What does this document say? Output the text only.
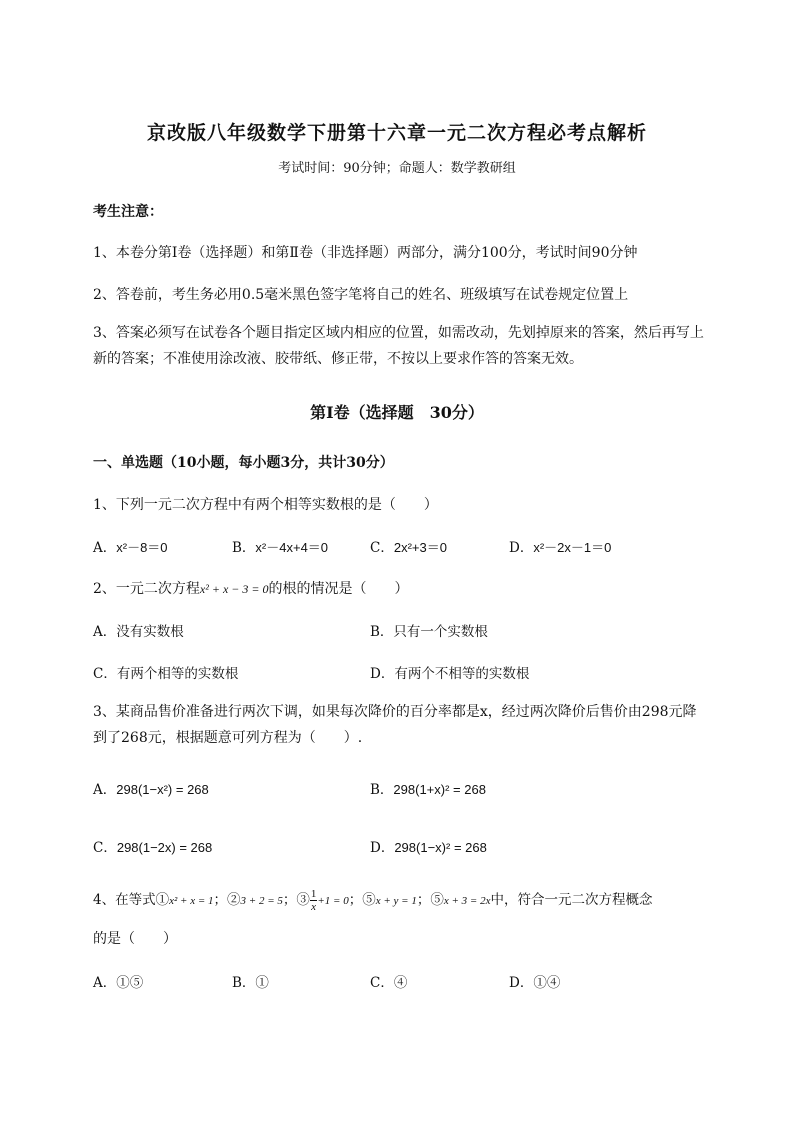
京改版八年级数学下册第十六章一元二次方程必考点解析
考试时间：90分钟；命题人：数学教研组
考生注意：
1、本卷分第I卷（选择题）和第Ⅱ卷（非选择题）两部分，满分100分，考试时间90分钟
2、答卷前，考生务必用0.5毫米黑色签字笔将自己的姓名、班级填写在试卷规定位置上
3、答案必须写在试卷各个题目指定区域内相应的位置，如需改动，先划掉原来的答案，然后再写上新的答案；不准使用涂改液、胶带纸、修正带，不按以上要求作答的答案无效。
第I卷（选择题　30分）
一、单选题（10小题，每小题3分，共计30分）
1、下列一元二次方程中有两个相等实数根的是（　　）
A．x²－8＝0	B．x²－4x+4＝0	C．2x²+3＝0	D．x²－2x－1＝0
2、一元二次方程x² + x − 3 = 0的根的情况是（　　）
A．没有实数根	B．只有一个实数根
C．有两个相等的实数根	D．有两个不相等的实数根
3、某商品售价准备进行两次下调，如果每次降价的百分率都是x，经过两次降价后售价由298元降到了268元，根据题意可列方程为（　　）.
A．298(1−x²) = 268	B．298(1+x)² = 268
C．298(1−2x) = 268	D．298(1−x)² = 268
4、在等式①x² + x = 1；②3 + 2 = 5；③ $\frac{1}{x} +1 = 0$；⑤x + y = 1；⑤x + 3 = 2x中，符合一元二次方程概念
的是（　　）
A．①⑤	B．①	C．④	D．①④
